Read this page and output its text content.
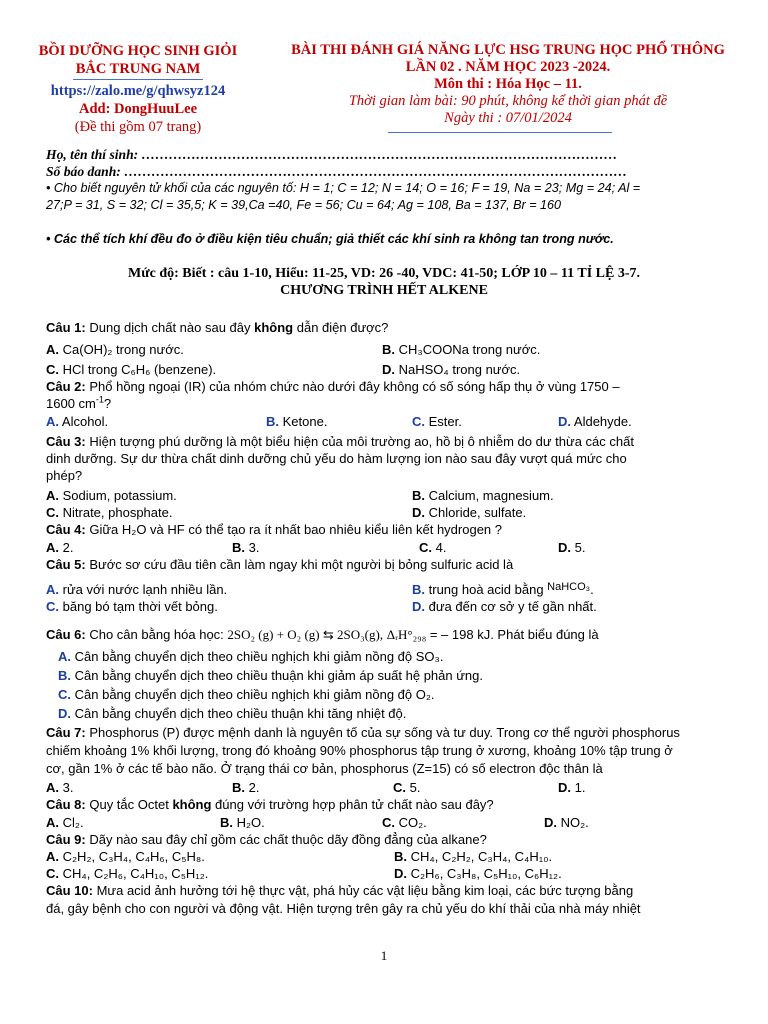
BỒI DƯỠNG HỌC SINH GIỎI
BẮC TRUNG NAM
https://zalo.me/g/qhwsyz124
Add: DongHuuLee
(Đề thi gồm 07 trang)
BÀI THI ĐÁNH GIÁ NĂNG LỰC HSG TRUNG HỌC PHỔ THÔNG
LẦN 02 . NĂM HỌC 2023 -2024.
Môn thi : Hóa Học – 11.
Thời gian làm bài: 90 phút, không kể thời gian phát đề
Ngày thi : 07/01/2024
Họ, tên thí sinh: ……………………………………………………………………………………………
Số báo danh: …………………………………………………………………………………………………
• Cho biết nguyên tử khối của các nguyên tố: H = 1; C = 12; N = 14; O = 16; F = 19, Na = 23; Mg = 24; Al =
27;P = 31, S = 32; Cl = 35,5; K = 39,Ca =40, Fe = 56; Cu = 64; Ag = 108, Ba = 137, Br = 160
• Các thể tích khí đều đo ở điều kiện tiêu chuẩn; giả thiết các khí sinh ra không tan trong nước.
Mức độ: Biết : câu 1-10, Hiểu: 11-25, VD: 26 -40, VDC: 41-50; LỚP 10 – 11 TỈ LỆ 3-7.
CHƯƠNG TRÌNH HẾT ALKENE
Câu 1: Dung dịch chất nào sau đây không dẫn điện được?
A. Ca(OH)₂ trong nước.	B. CH₃COONa trong nước.
C. HCl trong C₆H₆ (benzene).	D. NaHSO₄ trong nước.
Câu 2: Phổ hồng ngoại (IR) của nhóm chức nào dưới đây không có số sóng hấp thụ ở vùng 1750 –
1600 $cm^{-1}$?
A. Alcohol.	B. Ketone.	C. Ester.	D. Aldehyde.
Câu 3: Hiện tượng phú dưỡng là một biểu hiện của môi trường ao, hồ bị ô nhiễm do dư thừa các chất
dinh dưỡng. Sự dư thừa chất dinh dưỡng chủ yếu do hàm lượng ion nào sau đây vượt quá mức cho
phép?
A. Sodium, potassium.	B. Calcium, magnesium.
C. Nitrate, phosphate.	D. Chloride, sulfate.
Câu 4: Giữa H₂O và HF có thể tạo ra ít nhất bao nhiêu kiểu liên kết hydrogen ?
A. 2.	B. 3.	C. 4.	D. 5.
Câu 5: Bước sơ cứu đầu tiên cần làm ngay khi một người bị bỏng sulfuric acid là
A. rửa với nước lạnh nhiều lần.	B. trung hoà acid bằng $^{NaHCO_3}$.
C. băng bó tạm thời vết bỏng.	D. đưa đến cơ sở y tế gần nhất.
Câu 6: Cho cân bằng hóa học: 2SO₂ (g) + O₂ (g) ⇆ 2SO₃(g), ΔᵣH°₂₉₈ = – 198 kJ. Phát biểu đúng là
A. Cân bằng chuyển dịch theo chiều nghịch khi giảm nồng độ SO₃.
B. Cân bằng chuyển dịch theo chiều thuận khi giảm áp suất hệ phản ứng.
C. Cân bằng chuyển dịch theo chiều nghịch khi giảm nồng độ O₂.
D. Cân bằng chuyển dịch theo chiều thuận khi tăng nhiệt độ.
Câu 7: Phosphorus (P) được mệnh danh là nguyên tố của sự sống và tư duy. Trong cơ thể người phosphorus
chiếm khoảng 1% khối lượng, trong đó khoảng 90% phosphorus tập trung ở xương, khoảng 10% tập trung ở
cơ, gần 1% ở các tế bào não. Ở trạng thái cơ bản, phosphorus (Z=15) có số electron độc thân là
A. 3.	B. 2.	C. 5.	D. 1.
Câu 8: Quy tắc Octet không đúng với trường hợp phân tử chất nào sau đây?
A. Cl₂.	B. H₂O.	C. CO₂.	D. NO₂.
Câu 9: Dãy nào sau đây chỉ gồm các chất thuộc dãy đồng đẳng của alkane?
A. C₂H₂, C₃H₄, C₄H₆, C₅H₈.	B. CH₄, C₂H₂, C₃H₄, C₄H₁₀.
C. CH₄, C₂H₆, C₄H₁₀, C₅H₁₂.	D. C₂H₆, C₃H₈, C₅H₁₀, C₆H₁₂.
Câu 10: Mưa acid ảnh hưởng tới hệ thực vật, phá hủy các vật liệu bằng kim loại, các bức tượng bằng
đá, gây bệnh cho con người và động vật. Hiện tượng trên gây ra chủ yếu do khí thải của nhà máy nhiệt
1
